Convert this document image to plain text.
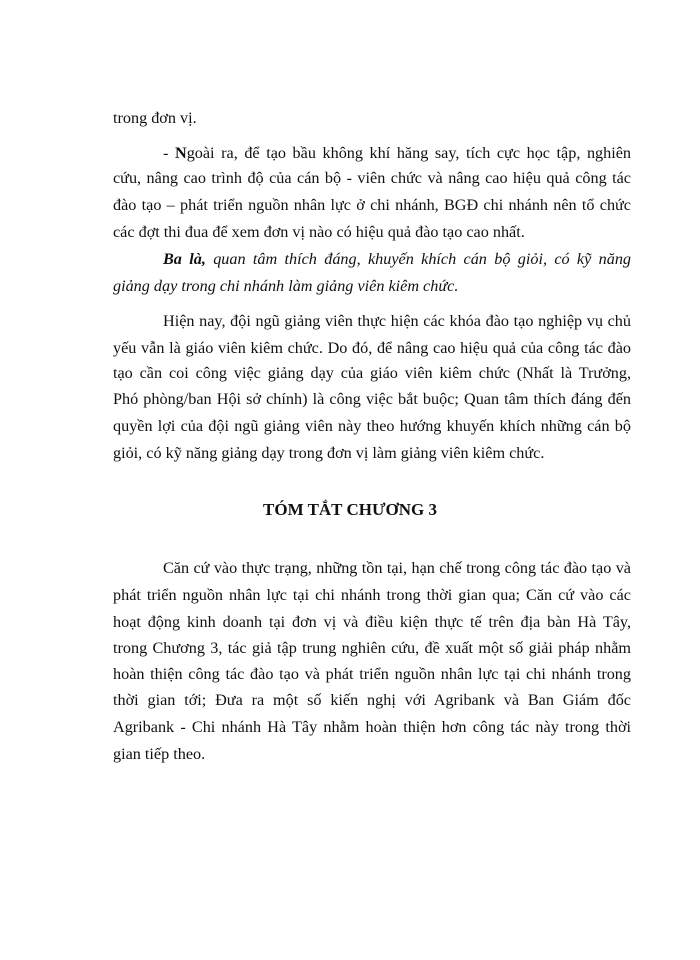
trong đơn vị.

- Ngoài ra, để tạo bầu không khí hăng say, tích cực học tập, nghiên

cứu, nâng cao trình độ của cán bộ - viên chức và nâng cao hiệu quả công tác

đào tạo – phát triển nguồn nhân lực ở chi nhánh, BGĐ chi nhánh nên tổ chức

các đợt thi đua để xem đơn vị nào có hiệu quả đào tạo cao nhất.

Ba là, quan tâm thích đáng, khuyến khích cán bộ giỏi, có kỹ năng

giảng dạy trong chi nhánh làm giảng viên kiêm chức.

Hiện nay, đội ngũ giảng viên thực hiện các khóa đào tạo nghiệp vụ chủ

yếu vẫn là giáo viên kiêm chức. Do đó, để nâng cao hiệu quả của công tác đào

tạo cần coi công việc giảng dạy của giáo viên kiêm chức (Nhất là Trưởng,

Phó phòng/ban Hội sở chính) là công việc bắt buộc; Quan tâm thích đáng đến

quyền lợi của đội ngũ giảng viên này theo hướng khuyến khích những cán bộ

giỏi, có kỹ năng giảng dạy trong đơn vị làm giảng viên kiêm chức.

TÓM TẮT CHƯƠNG 3

Căn cứ vào thực trạng, những tồn tại, hạn chế trong công tác đào tạo và

phát triển nguồn nhân lực tại chi nhánh trong thời gian qua; Căn cứ vào các

hoạt động kinh doanh tại đơn vị và điều kiện thực tế trên địa bàn Hà Tây,

trong Chương 3, tác giả tập trung nghiên cứu, đề xuất một số giải pháp nhằm

hoàn thiện công tác đào tạo và phát triển nguồn nhân lực tại chi nhánh trong

thời gian tới; Đưa ra một số kiến nghị với Agribank và Ban Giám đốc

Agribank - Chi nhánh Hà Tây nhằm hoàn thiện hơn công tác này trong thời

gian tiếp theo.
